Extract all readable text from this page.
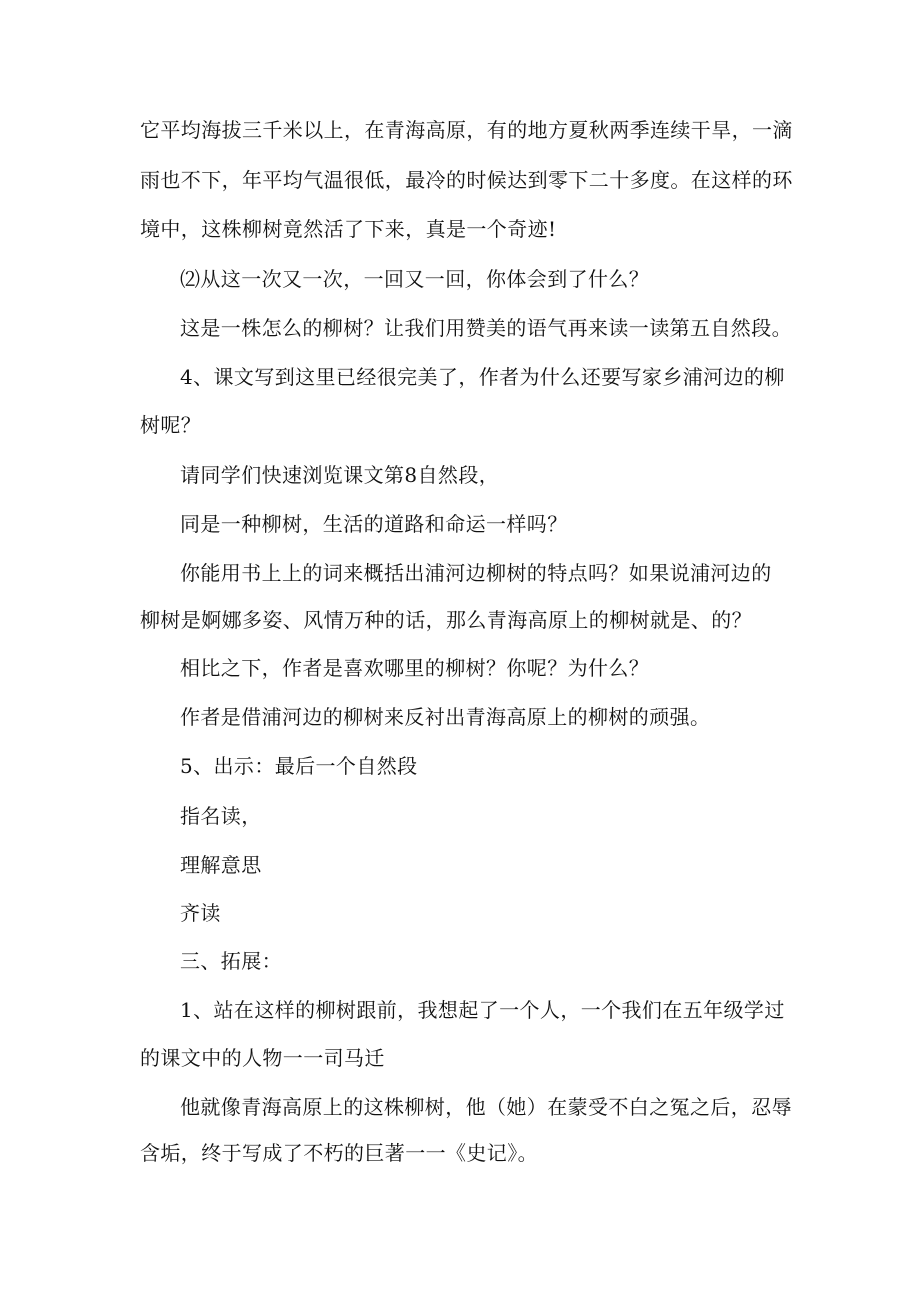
它平均海拔三千米以上，在青海高原，有的地方夏秋两季连续干旱，一滴
雨也不下，年平均气温很低，最冷的时候达到零下二十多度。在这样的环
境中，这株柳树竟然活了下来，真是一个奇迹!
⑵从这一次又一次，一回又一回，你体会到了什么？
这是一株怎么的柳树？让我们用赞美的语气再来读一读第五自然段。
4、课文写到这里已经很完美了，作者为什么还要写家乡浦河边的柳
树呢？
请同学们快速浏览课文第8自然段，
同是一种柳树，生活的道路和命运一样吗？
你能用书上上的词来概括出浦河边柳树的特点吗？如果说浦河边的
柳树是婀娜多姿、风情万种的话，那么青海高原上的柳树就是、的？
相比之下，作者是喜欢哪里的柳树？你呢？为什么？
作者是借浦河边的柳树来反衬出青海高原上的柳树的顽强。
5、出示：最后一个自然段
指名读，
理解意思
齐读
三、拓展：
1、站在这样的柳树跟前，我想起了一个人，一个我们在五年级学过
的课文中的人物一一司马迁
他就像青海高原上的这株柳树，他（她）在蒙受不白之冤之后，忍辱
含垢，终于写成了不朽的巨著一一《史记》。
